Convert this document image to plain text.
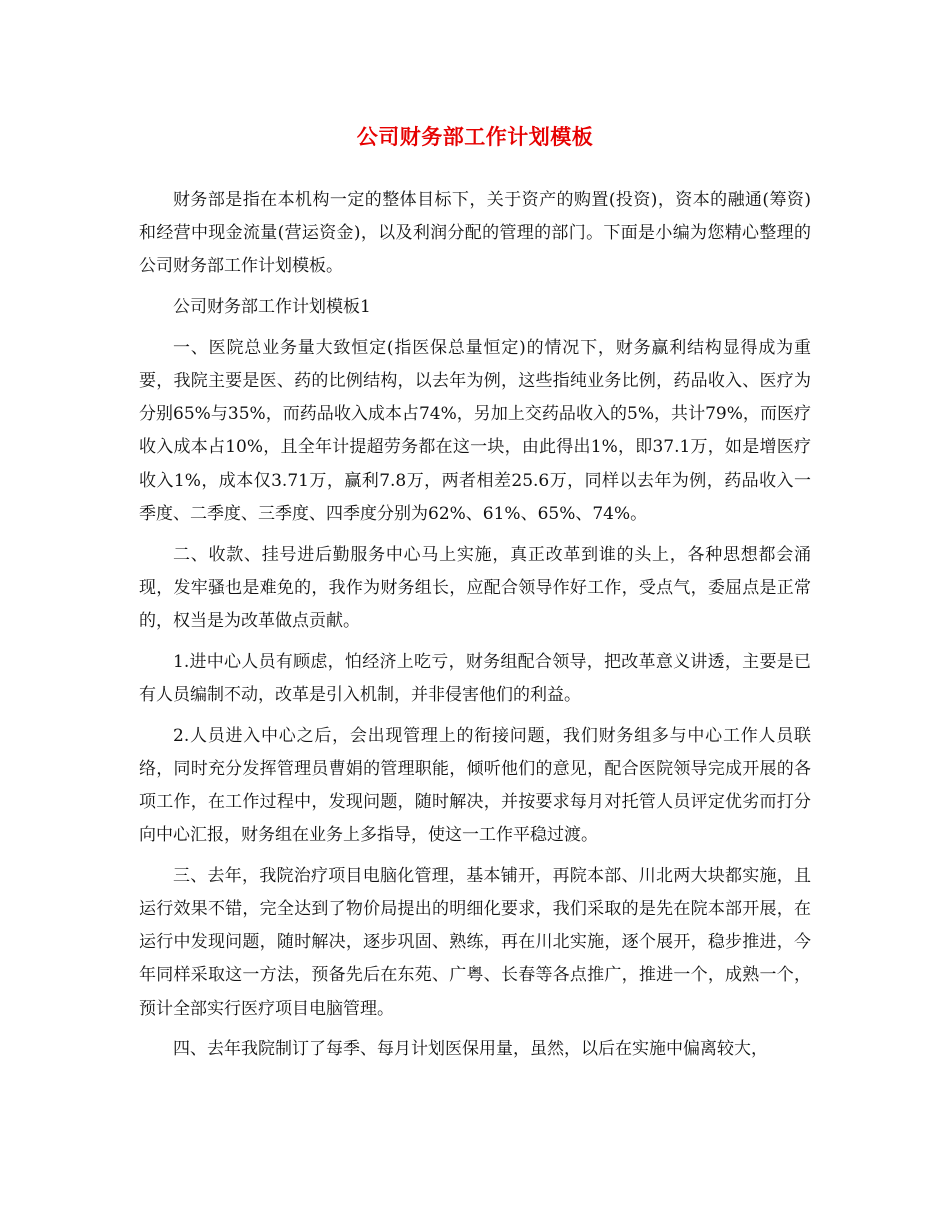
公司财务部工作计划模板

财务部是指在本机构一定的整体目标下，关于资产的购置(投资)，资本的融通(筹资)和经营中现金流量(营运资金)，以及利润分配的管理的部门。下面是小编为您精心整理的公司财务部工作计划模板。

公司财务部工作计划模板1

一、医院总业务量大致恒定(指医保总量恒定)的情况下，财务赢利结构显得成为重要，我院主要是医、药的比例结构，以去年为例，这些指纯业务比例，药品收入、医疗为分别65%与35%，而药品收入成本占74%，另加上交药品收入的5%，共计79%，而医疗收入成本占10%，且全年计提超劳务都在这一块，由此得出1%，即37.1万，如是增医疗收入1%，成本仅3.71万，赢利7.8万，两者相差25.6万，同样以去年为例，药品收入一季度、二季度、三季度、四季度分别为62%、61%、65%、74%。

二、收款、挂号进后勤服务中心马上实施，真正改革到谁的头上，各种思想都会涌现，发牢骚也是难免的，我作为财务组长，应配合领导作好工作，受点气，委屈点是正常的，权当是为改革做点贡献。

1.进中心人员有顾虑，怕经济上吃亏，财务组配合领导，把改革意义讲透，主要是已有人员编制不动，改革是引入机制，并非侵害他们的利益。

2.人员进入中心之后，会出现管理上的衔接问题，我们财务组多与中心工作人员联络，同时充分发挥管理员曹娟的管理职能，倾听他们的意见，配合医院领导完成开展的各项工作，在工作过程中，发现问题，随时解决，并按要求每月对托管人员评定优劣而打分向中心汇报，财务组在业务上多指导，使这一工作平稳过渡。

三、去年，我院治疗项目电脑化管理，基本铺开，再院本部、川北两大块都实施，且运行效果不错，完全达到了物价局提出的明细化要求，我们采取的是先在院本部开展，在运行中发现问题，随时解决，逐步巩固、熟练，再在川北实施，逐个展开，稳步推进，今年同样采取这一方法，预备先后在东苑、广粤、长春等各点推广，推进一个，成熟一个，预计全部实行医疗项目电脑管理。

四、去年我院制订了每季、每月计划医保用量，虽然，以后在实施中偏离较大，
